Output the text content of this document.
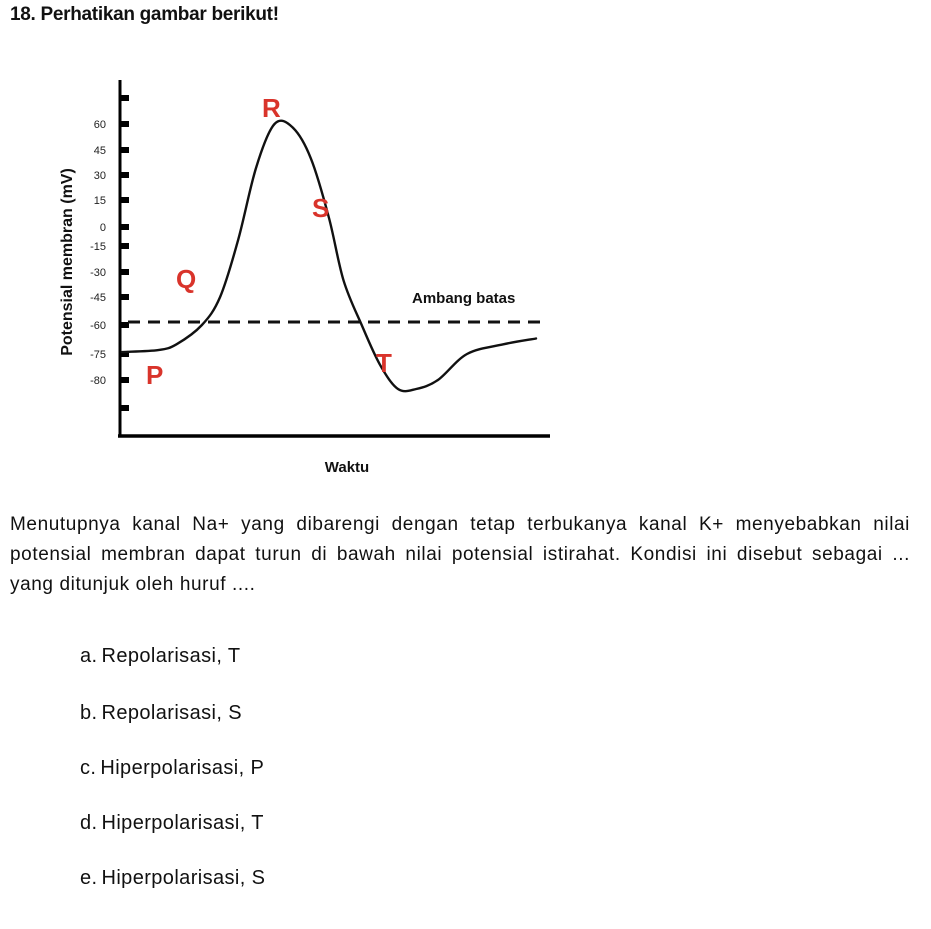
18. Perhatikan gambar berikut!
60
45
30
15
0
-15
-30
-45
-60
-75
-80
Ambang batas
Waktu
Potensial membran (mV)
P
Q
R
S
T
Menutupnya kanal Na+ yang dibarengi dengan tetap terbukanya kanal K+ menyebabkan nilai potensial membran dapat turun di bawah nilai potensial istirahat. Kondisi ini disebut sebagai ... yang ditunjuk oleh huruf ....
a. Repolarisasi, T
b. Repolarisasi, S
c. Hiperpolarisasi, P
d. Hiperpolarisasi, T
e. Hiperpolarisasi, S
